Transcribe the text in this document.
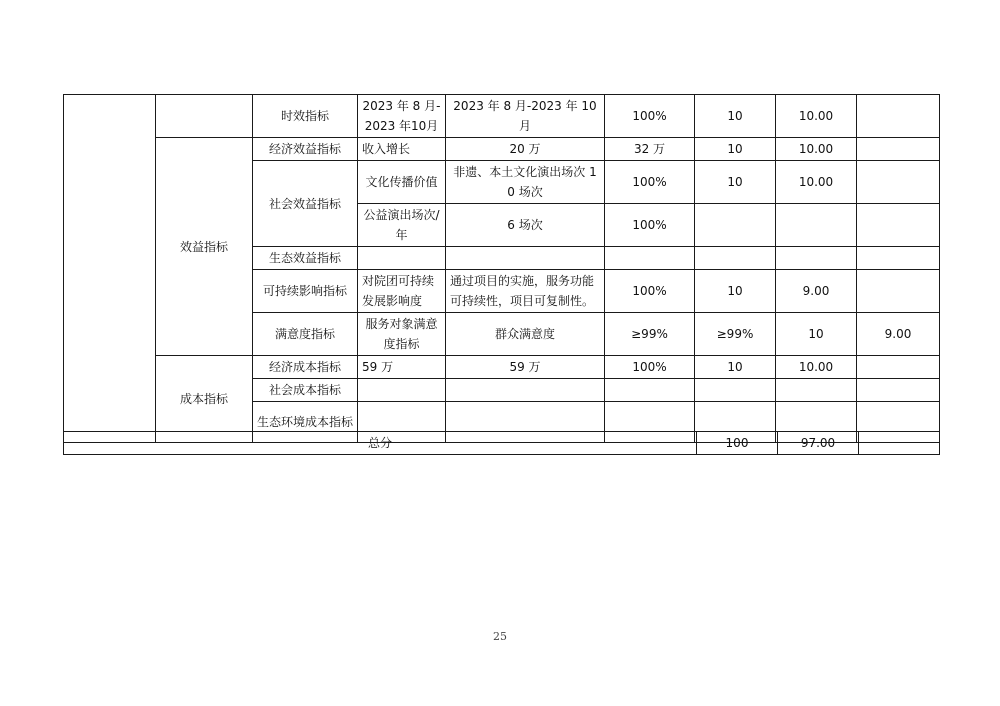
		时效指标	2023 年 8 月-2023 年10月	2023 年 8 月-2023 年 10 月	100%	10	10.00		
	效益指标	经济效益指标	收入增长	20 万	32 万	10	10.00		
		社会效益指标	文化传播价值	非遗、本土文化演出场次 10 场次	100%	10	10.00		
			公益演出场次/年	6 场次	100%				
		生态效益指标							
		可持续影响指标	对院团可持续发展影响度	通过项目的实施，服务功能可持续性，项目可复制性。	100%	10	9.00		
		满意度指标	服务对象满意度指标	群众满意度	≥99%	≥99%	10	9.00	
	成本指标	经济成本指标	59 万	59 万	100%	10	10.00		
		社会成本指标							
		生态环境成本指标							
总分	100	97.00	
25
